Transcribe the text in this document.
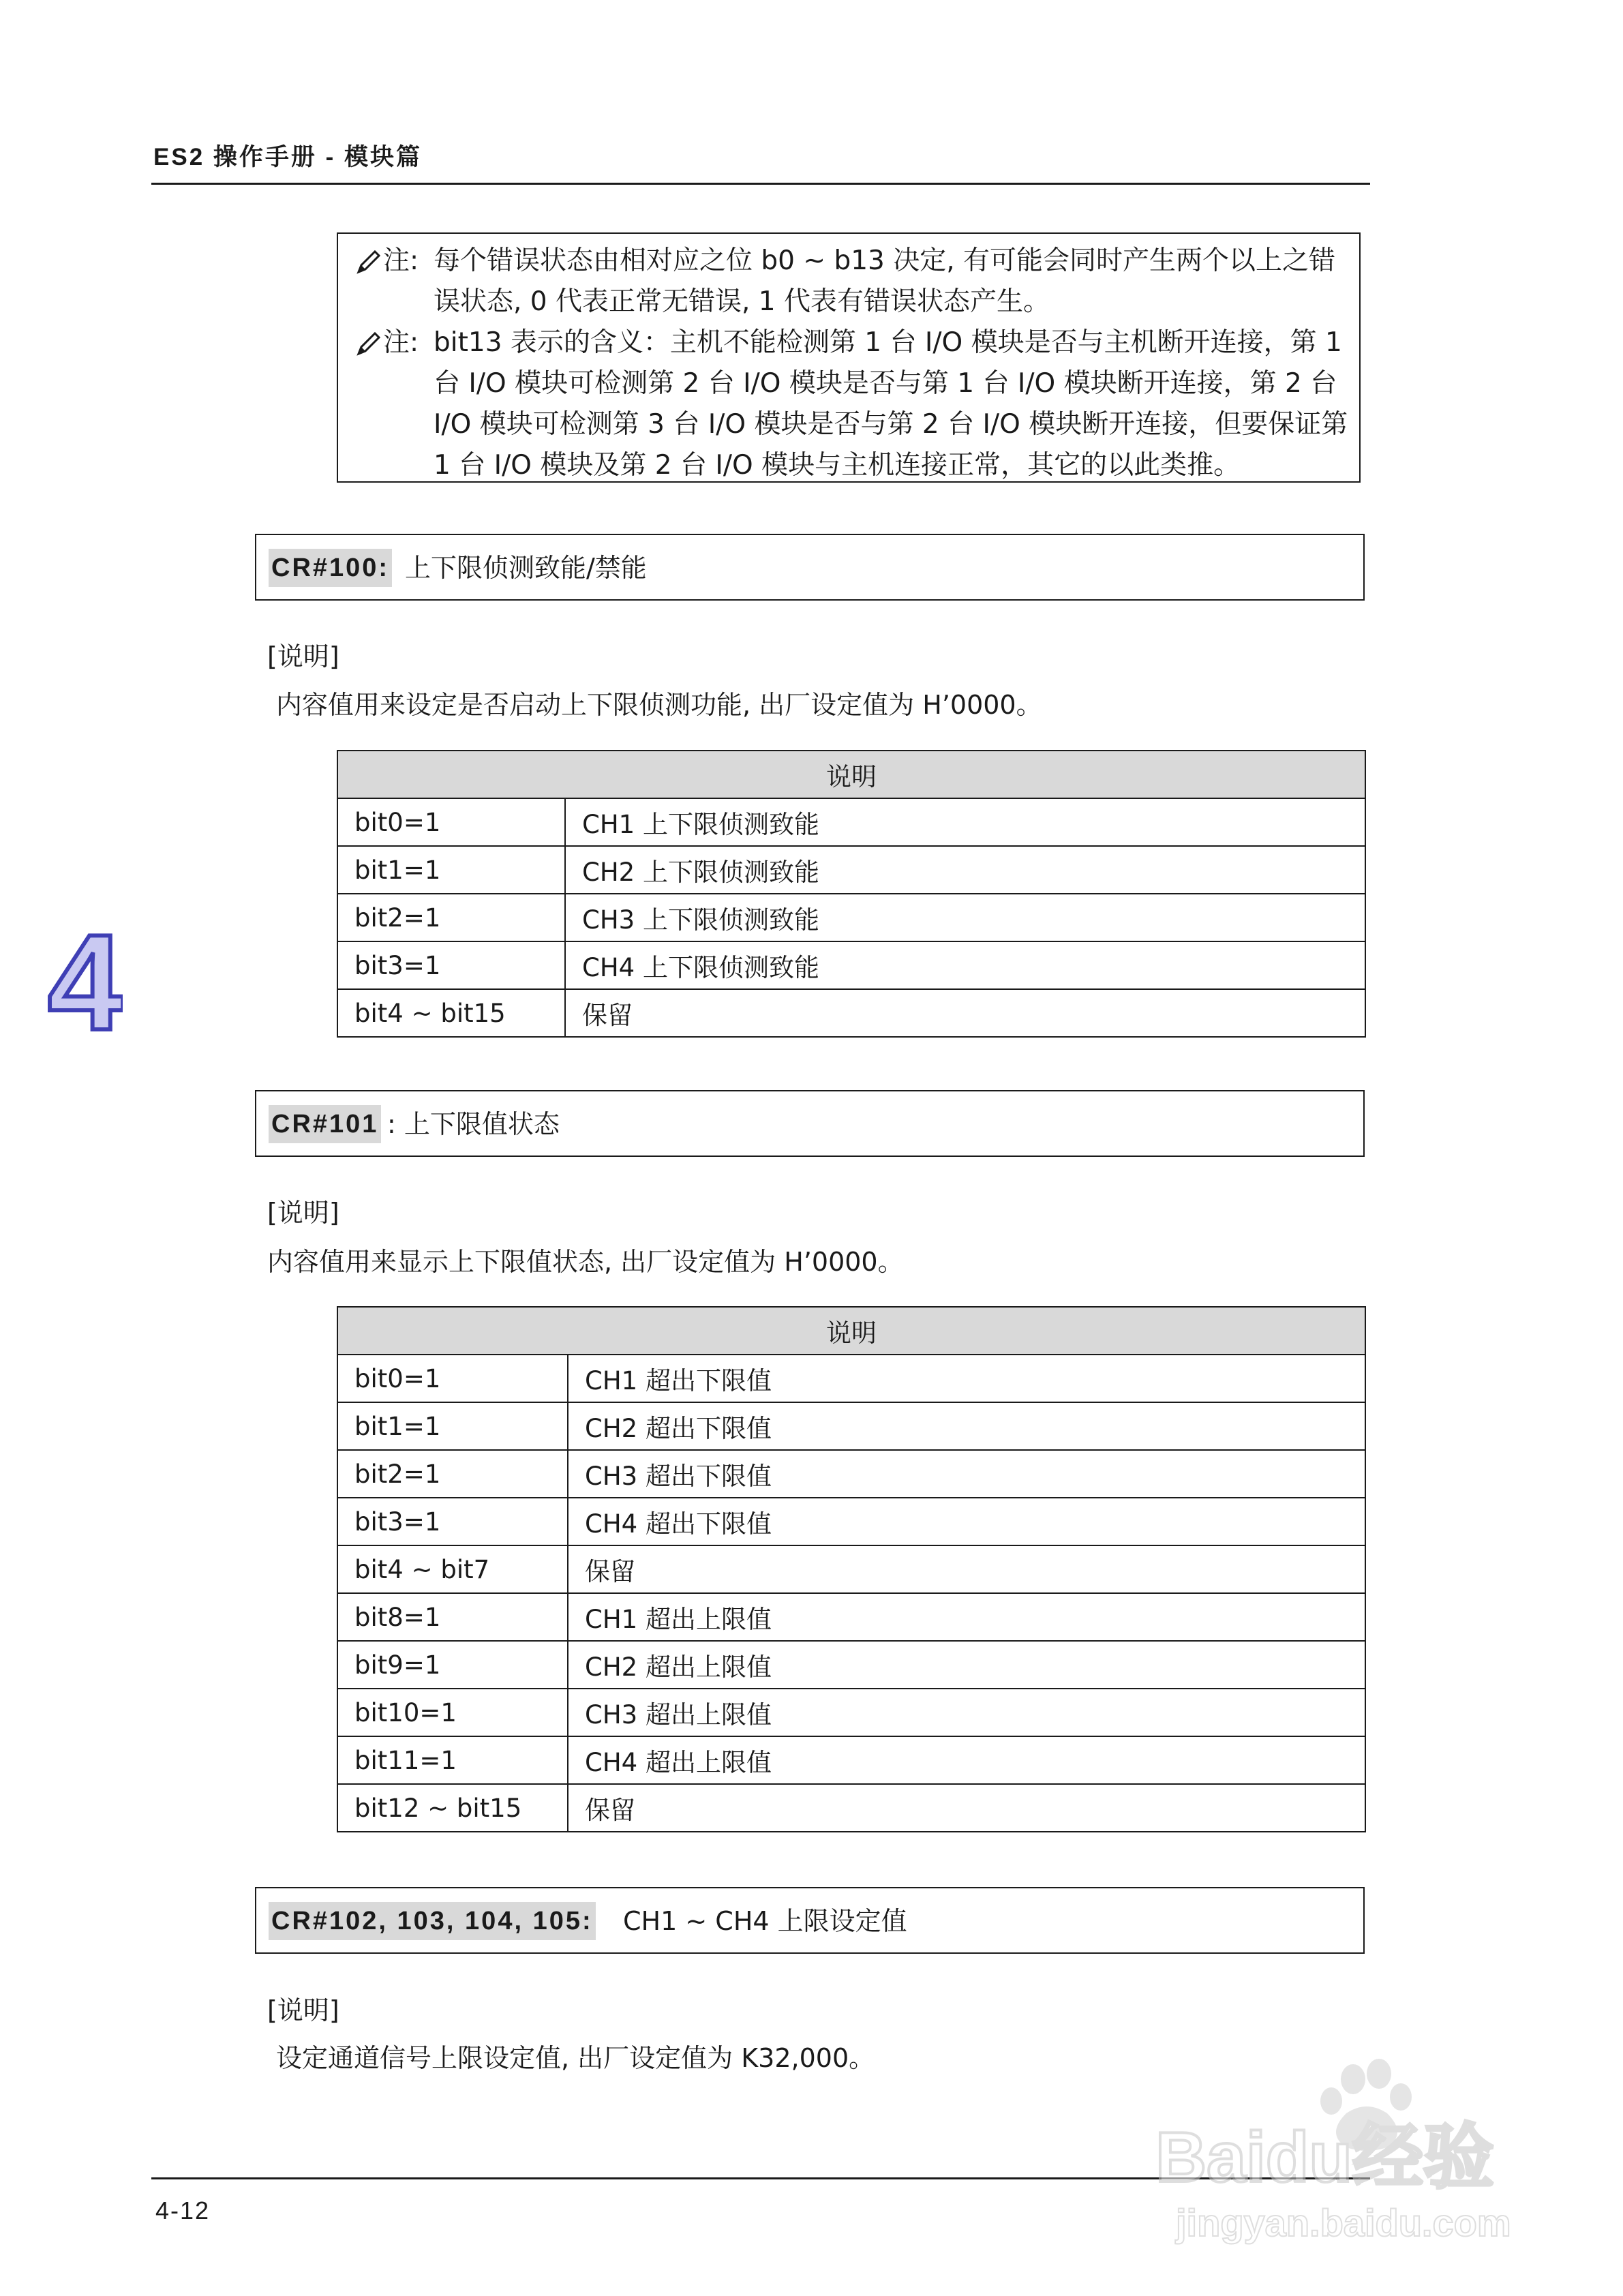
ES2 操作手册 - 模块篇
4
注: 每个错误状态由相对应之位 b0 ~ b13 决定, 有可能会同时产生两个以上之错
误状态, 0 代表正常无错误, 1 代表有错误状态产生。
注: bit13 表示的含义：主机不能检测第 1 台 I/O 模块是否与主机断开连接，第 1
台 I/O 模块可检测第 2 台 I/O 模块是否与第 1 台 I/O 模块断开连接，第 2 台
I/O 模块可检测第 3 台 I/O 模块是否与第 2 台 I/O 模块断开连接，但要保证第
1 台 I/O 模块及第 2 台 I/O 模块与主机连接正常，其它的以此类推。
CR#100: 上下限侦测致能/禁能
[说明]
内容值用来设定是否启动上下限侦测功能, 出厂设定值为 H’0000。
说明	
bit0=1	CH1 上下限侦测致能
bit1=1	CH2 上下限侦测致能
bit2=1	CH3 上下限侦测致能
bit3=1	CH4 上下限侦测致能
bit4 ~ bit15	保留
CR#101 : 上下限值状态
[说明]
内容值用来显示上下限值状态, 出厂设定值为 H’0000。
说明	
bit0=1	CH1 超出下限值
bit1=1	CH2 超出下限值
bit2=1	CH3 超出下限值
bit3=1	CH4 超出下限值
bit4 ~ bit7	保留
bit8=1	CH1 超出上限值
bit9=1	CH2 超出上限值
bit10=1	CH3 超出上限值
bit11=1	CH4 超出上限值
bit12 ~ bit15	保留
CR#102, 103, 104, 105: CH1 ~ CH4 上限设定值
[说明]
设定通道信号上限设定值, 出厂设定值为 K32,000。
4-12
Baidu经验
jingyan.baidu.com
